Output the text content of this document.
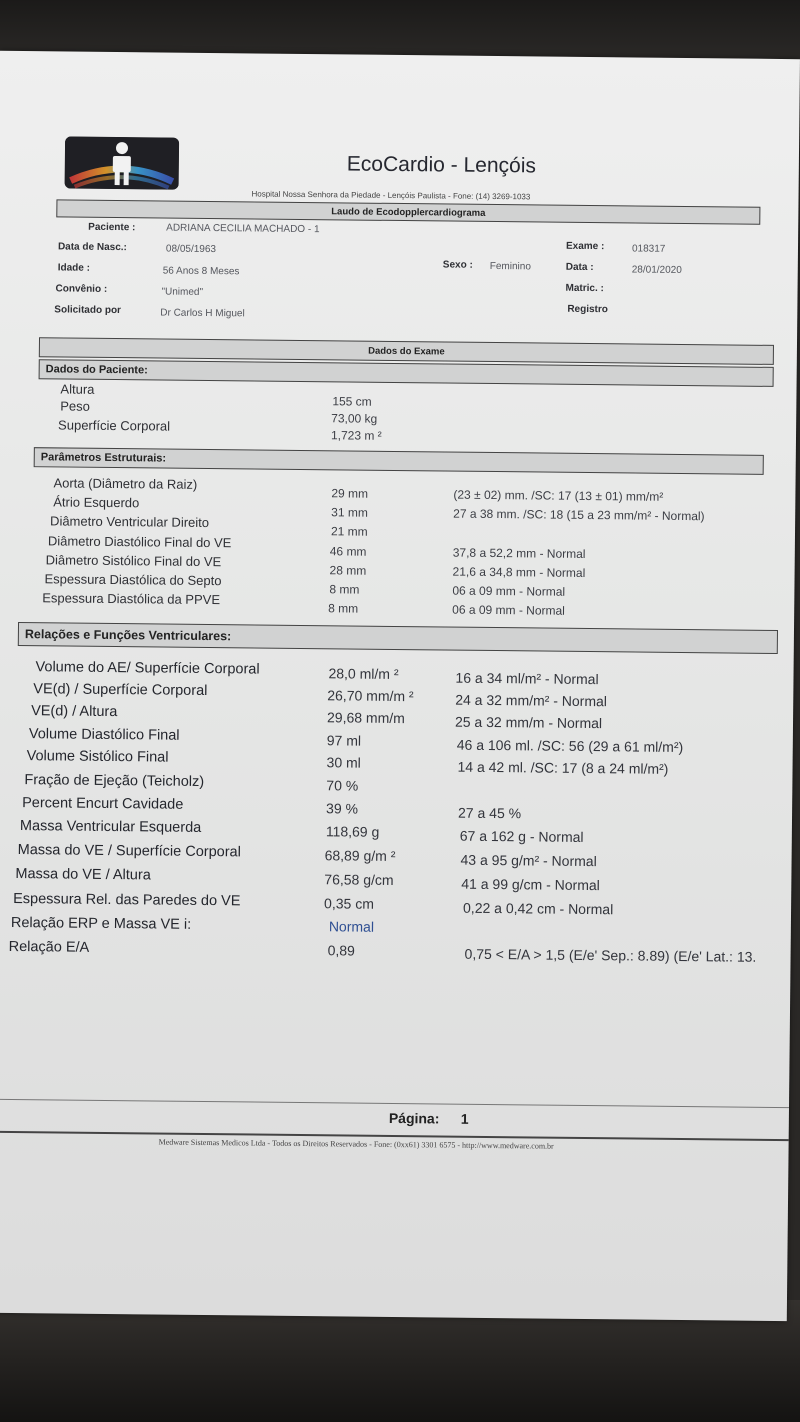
EcoCardio - Lençóis
Hospital Nossa Senhora da Piedade - Lençóis Paulista - Fone: (14) 3269-1033
Laudo de Ecodopplercardiograma
Paciente :	ADRIANA CECILIA MACHADO - 1
Data de Nasc.:	08/05/1963
Idade :	56 Anos 8 Meses
Convênio :	"Unimed"
Solicitado por	Dr Carlos H Miguel
Sexo : Feminino
Exame :	018317
Data :	28/01/2020
Matric. :
Registro
Dados do Exame
Dados do Paciente:
Altura
155 cm
Peso
73,00 kg
Superfície Corporal
1,723 m ²
Parâmetros Estruturais:
Aorta (Diâmetro da Raiz)
29 mm	(23 ± 02) mm. /SC: 17 (13 ± 01) mm/m²
Átrio Esquerdo
31 mm	27 a 38 mm. /SC: 18 (15 a 23 mm/m² - Normal)
Diâmetro Ventricular Direito
21 mm
Diâmetro Diastólico Final do VE
46 mm	37,8 a 52,2 mm - Normal
Diâmetro Sistólico Final do VE
28 mm	21,6 a 34,8 mm - Normal
Espessura Diastólica do Septo
8 mm	06 a 09 mm - Normal
Espessura Diastólica da PPVE
8 mm	06 a 09 mm - Normal
Relações e Funções Ventriculares:
Volume do AE/ Superfície Corporal	28,0 ml/m ²	16 a 34 ml/m² - Normal
VE(d) / Superfície Corporal	26,70 mm/m ²	24 a 32 mm/m² - Normal
VE(d) / Altura	29,68 mm/m	25 a 32 mm/m - Normal
Volume Diastólico Final	97 ml	46 a 106 ml. /SC: 56 (29 a 61 ml/m²)
Volume Sistólico Final	30 ml	14 a 42 ml. /SC: 17 (8 a 24 ml/m²)
Fração de Ejeção (Teicholz)	70 %
Percent Encurt Cavidade	39 %	27 a 45 %
Massa Ventricular Esquerda	118,69 g	67 a 162 g - Normal
Massa do VE / Superfície Corporal	68,89 g/m ²	43 a 95 g/m² - Normal
Massa do VE / Altura	76,58 g/cm	41 a 99 g/cm - Normal
Espessura Rel. das Paredes do VE	0,35 cm	0,22 a 0,42 cm - Normal
Relação ERP e Massa VE i:	Normal
Relação E/A	0,89	0,75 < E/A > 1,5 (E/e' Sep.: 8.89) (E/e' Lat.: 13.
Página: 1
Medware Sistemas Medicos Ltda - Todos os Direitos Reservados - Fone: (0xx61) 3301 6575 - http://www.medware.com.br
